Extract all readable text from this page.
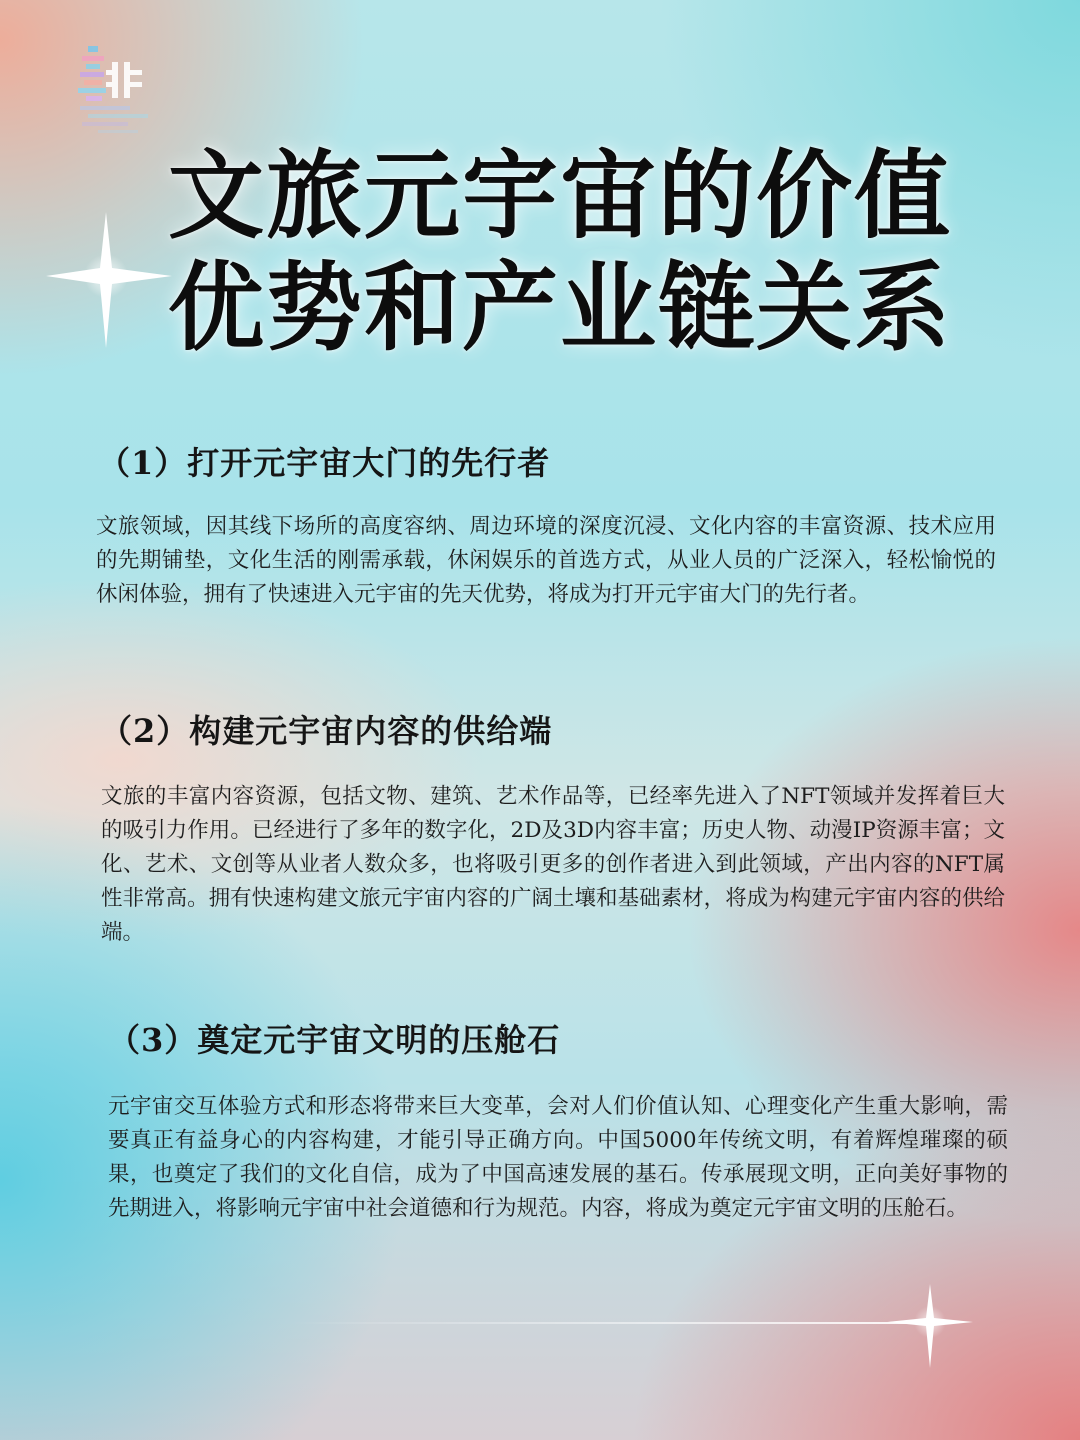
文旅元宇宙的价值
优势和产业链关系
（1）打开元宇宙大门的先行者

文旅领域，因其线下场所的高度容纳、周边环境的深度沉浸、文化内容的丰富资源、技术应用的先期铺垫，文化生活的刚需承载，休闲娱乐的首选方式，从业人员的广泛深入，轻松愉悦的休闲体验，拥有了快速进入元宇宙的先天优势，将成为打开元宇宙大门的先行者。

（2）构建元宇宙内容的供给端

文旅的丰富内容资源，包括文物、建筑、艺术作品等，已经率先进入了NFT领域并发挥着巨大的吸引力作用。已经进行了多年的数字化，2D及3D内容丰富；历史人物、动漫IP资源丰富；文化、艺术、文创等从业者人数众多，也将吸引更多的创作者进入到此领域，产出内容的NFT属性非常高。拥有快速构建文旅元宇宙内容的广阔土壤和基础素材，将成为构建元宇宙内容的供给端。

（3）奠定元宇宙文明的压舱石

元宇宙交互体验方式和形态将带来巨大变革，会对人们价值认知、心理变化产生重大影响，需要真正有益身心的内容构建，才能引导正确方向。中国5000年传统文明，有着辉煌璀璨的硕果，也奠定了我们的文化自信，成为了中国高速发展的基石。传承展现文明，正向美好事物的先期进入，将影响元宇宙中社会道德和行为规范。内容，将成为奠定元宇宙文明的压舱石。
